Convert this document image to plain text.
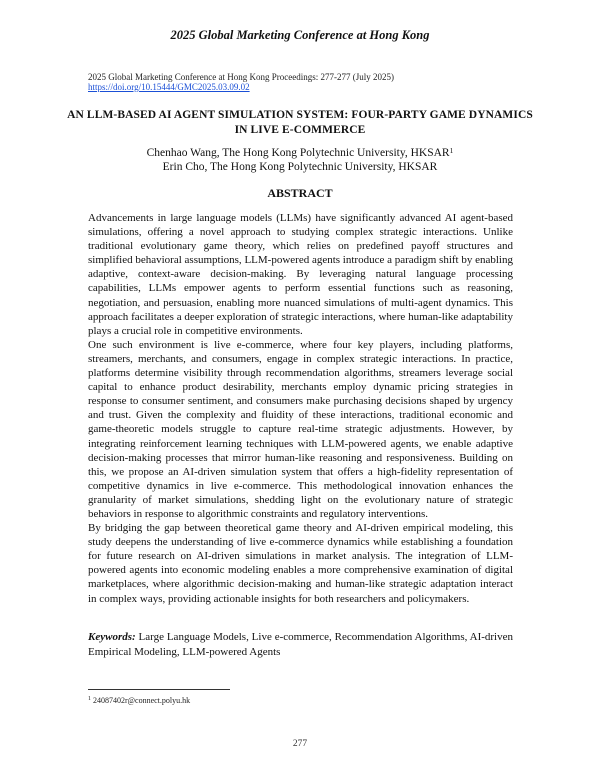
2025 Global Marketing Conference at Hong Kong
2025 Global Marketing Conference at Hong Kong Proceedings: 277-277 (July 2025)
https://doi.org/10.15444/GMC2025.03.09.02
AN LLM-BASED AI AGENT SIMULATION SYSTEM: FOUR-PARTY GAME DYNAMICS IN LIVE E-COMMERCE
Chenhao Wang, The Hong Kong Polytechnic University, HKSAR$^1$
Erin Cho, The Hong Kong Polytechnic University, HKSAR
ABSTRACT

Advancements in large language models (LLMs) have significantly advanced AI agent-based simulations, offering a novel approach to studying complex strategic interactions. Unlike traditional evolutionary game theory, which relies on predefined payoff structures and simplified behavioral assumptions, LLM-powered agents introduce a paradigm shift by enabling adaptive, context-aware decision-making. By leveraging natural language processing capabilities, LLMs empower agents to perform essential functions such as reasoning, negotiation, and persuasion, enabling more nuanced simulations of multi-agent dynamics. This approach facilitates a deeper exploration of strategic interactions, where human-like adaptability plays a crucial role in competitive environments.

One such environment is live e-commerce, where four key players, including platforms, streamers, merchants, and consumers, engage in complex strategic interactions. In practice, platforms determine visibility through recommendation algorithms, streamers leverage social capital to enhance product desirability, merchants employ dynamic pricing strategies in response to consumer sentiment, and consumers make purchasing decisions shaped by urgency and trust. Given the complexity and fluidity of these interactions, traditional economic and game-theoretic models struggle to capture real-time strategic adjustments. However, by integrating reinforcement learning techniques with LLM-powered agents, we enable adaptive decision-making processes that mirror human-like reasoning and responsiveness. Building on this, we propose an AI-driven simulation system that offers a high-fidelity representation of competitive dynamics in live e-commerce. This methodological innovation enhances the granularity of market simulations, shedding light on the evolutionary nature of strategic behaviors in response to algorithmic constraints and regulatory interventions.

By bridging the gap between theoretical game theory and AI-driven empirical modeling, this study deepens the understanding of live e-commerce dynamics while establishing a foundation for future research on AI-driven simulations in market analysis. The integration of LLM-powered agents into economic modeling enables a more comprehensive examination of digital marketplaces, where algorithmic decision-making and human-like strategic adaptation interact in complex ways, providing actionable insights for both researchers and policymakers.

Keywords: Large Language Models, Live e-commerce, Recommendation Algorithms, AI-driven Empirical Modeling, LLM-powered Agents
$^1$ 24087402r@connect.polyu.hk
277
